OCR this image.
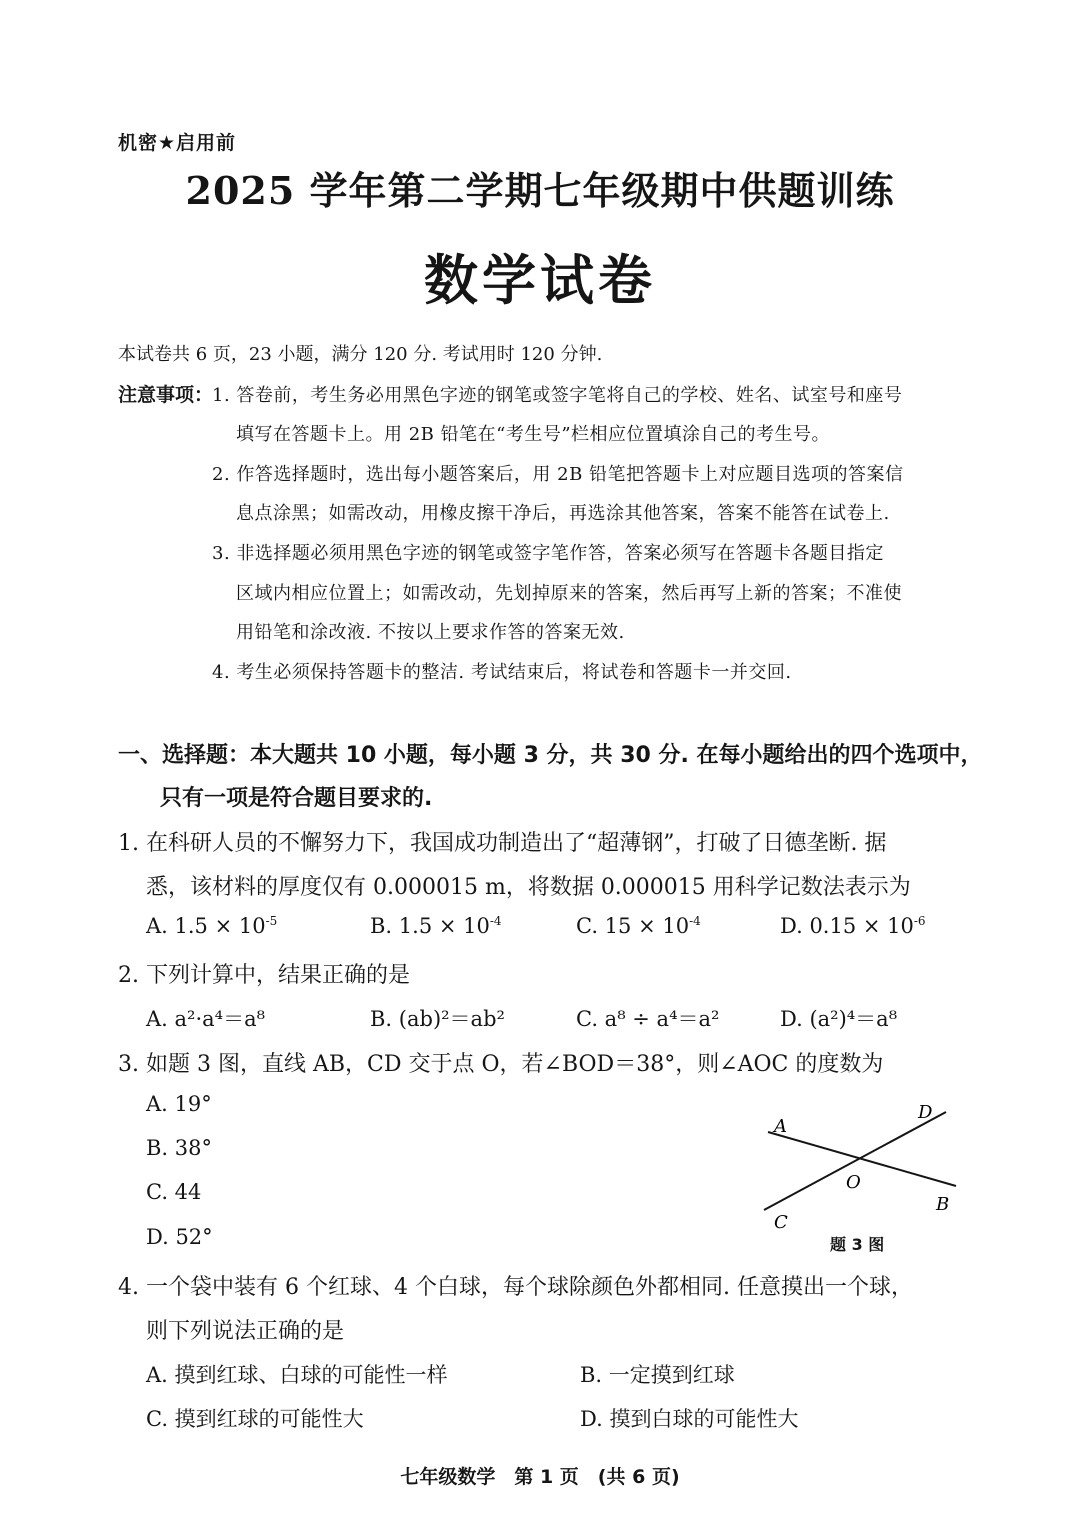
机密★启用前
2025 学年第二学期七年级期中供题训练
数学试卷
本试卷共 6 页，23 小题，满分 120 分. 考试用时 120 分钟.
注意事项：
1. 答卷前，考生务必用黑色字迹的钢笔或签字笔将自己的学校、姓名、试室号和座号
填写在答题卡上。用 2B 铅笔在“考生号”栏相应位置填涂自己的考生号。
2. 作答选择题时，选出每小题答案后，用 2B 铅笔把答题卡上对应题目选项的答案信
息点涂黑；如需改动，用橡皮擦干净后，再选涂其他答案，答案不能答在试卷上.
3. 非选择题必须用黑色字迹的钢笔或签字笔作答，答案必须写在答题卡各题目指定
区域内相应位置上；如需改动，先划掉原来的答案，然后再写上新的答案；不准使
用铅笔和涂改液. 不按以上要求作答的答案无效.
4. 考生必须保持答题卡的整洁. 考试结束后，将试卷和答题卡一并交回.
一、选择题：本大题共 10 小题，每小题 3 分，共 30 分. 在每小题给出的四个选项中，
只有一项是符合题目要求的.
1. 在科研人员的不懈努力下，我国成功制造出了“超薄钢”，打破了日德垄断. 据
悉，该材料的厚度仅有 0.000015 m，将数据 0.000015 用科学记数法表示为
A. $1.5 \times 10^{-5}$	B. $1.5 \times 10^{-4}$	C. $15 \times 10^{-4}$	D. $0.15 \times 10^{-6}$
2. 下列计算中，结果正确的是
A. a²·a⁴＝a⁸	B. (ab)²＝ab²	C. a⁸ ÷ a⁴＝a²	D. (a²)⁴＝a⁸
3. 如题 3 图，直线 AB，CD 交于点 O，若∠BOD＝38°，则∠AOC 的度数为
A. 19°
B. 38°
C. 44
D. 52°
A
B
C
D
O
题 3 图
4. 一个袋中装有 6 个红球、4 个白球，每个球除颜色外都相同. 任意摸出一个球，
则下列说法正确的是
A. 摸到红球、白球的可能性一样	B. 一定摸到红球
C. 摸到红球的可能性大	D. 摸到白球的可能性大
七年级数学　第 1 页　(共 6 页)
